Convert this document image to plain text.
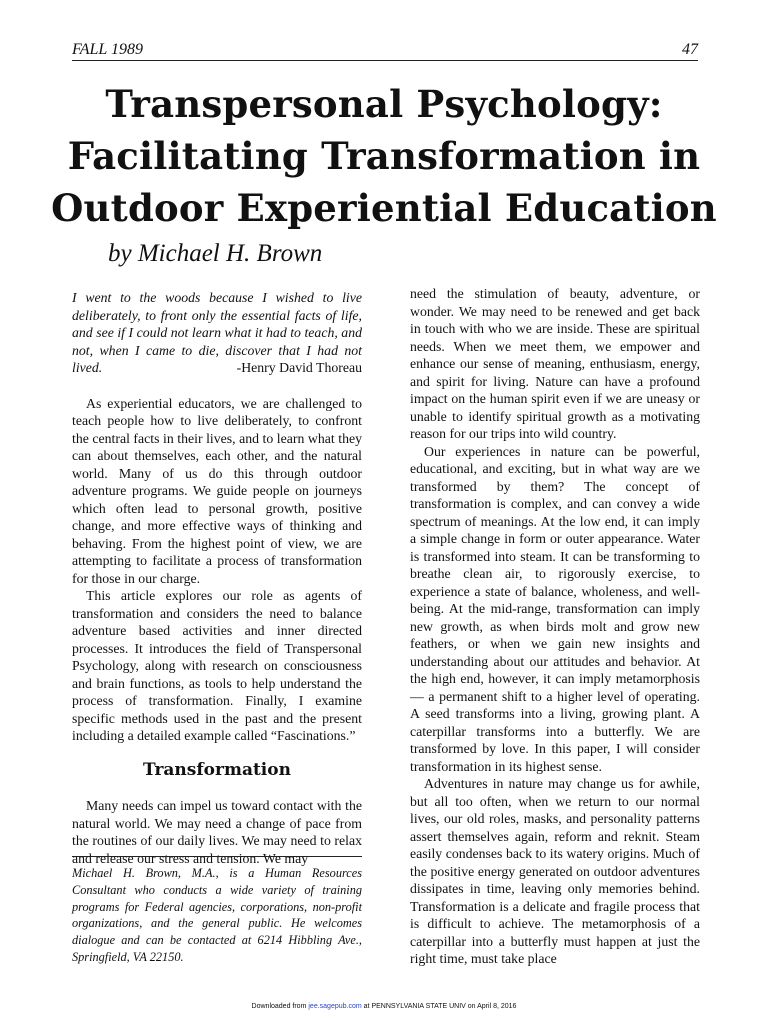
FALL 1989	47
Transpersonal Psychology:
Facilitating Transformation in
Outdoor Experiential Education
by Michael H. Brown
I went to the woods because I wished to live deliberately, to front only the essential facts of life, and see if I could not learn what it had to teach, and not, when I came to die, discover that I had not lived.	-Henry David Thoreau

As experiential educators, we are challenged to teach people how to live deliberately, to confront the central facts in their lives, and to learn what they can about themselves, each other, and the natural world. Many of us do this through outdoor adventure programs. We guide people on journeys which often lead to personal growth, positive change, and more effective ways of thinking and behaving. From the highest point of view, we are attempting to facilitate a process of transformation for those in our charge.

This article explores our role as agents of transformation and considers the need to balance adventure based activities and inner directed processes. It introduces the field of Transpersonal Psychology, along with research on consciousness and brain functions, as tools to help understand the process of transformation. Finally, I examine specific methods used in the past and the present including a detailed example called “Fascinations.”

Transformation

Many needs can impel us toward contact with the natural world. We may need a change of pace from the routines of our daily lives. We may need to relax and release our stress and tension. We may

Michael H. Brown, M.A., is a Human Resources Consultant who conducts a wide variety of training programs for Federal agencies, corporations, non-profit organizations, and the general public. He welcomes dialogue and can be contacted at 6214 Hibbling Ave., Springfield, VA 22150.

need the stimulation of beauty, adventure, or wonder. We may need to be renewed and get back in touch with who we are inside. These are spiritual needs. When we meet them, we empower and enhance our sense of meaning, enthusiasm, energy, and spirit for living. Nature can have a profound impact on the human spirit even if we are uneasy or unable to identify spiritual growth as a motivating reason for our trips into wild country.

Our experiences in nature can be powerful, educational, and exciting, but in what way are we transformed by them? The concept of transformation is complex, and can convey a wide spectrum of meanings. At the low end, it can imply a simple change in form or outer appearance. Water is transformed into steam. It can be transforming to breathe clean air, to rigorously exercise, to experience a state of balance, wholeness, and well-being. At the mid-range, transformation can imply new growth, as when birds molt and grow new feathers, or when we gain new insights and understanding about our attitudes and behavior. At the high end, however, it can imply metamorphosis— a permanent shift to a higher level of operating. A seed transforms into a living, growing plant. A caterpillar transforms into a butterfly. We are transformed by love. In this paper, I will consider transformation in its highest sense.

Adventures in nature may change us for awhile, but all too often, when we return to our normal lives, our old roles, masks, and personality patterns assert themselves again, reform and reknit. Steam easily condenses back to its watery origins. Much of the positive energy generated on outdoor adventures dissipates in time, leaving only memories behind. Transformation is a delicate and fragile process that is difficult to achieve. The metamorphosis of a caterpillar into a butterfly must happen at just the right time, must take place

Downloaded from jee.sagepub.com at PENNSYLVANIA STATE UNIV on April 8, 2016
